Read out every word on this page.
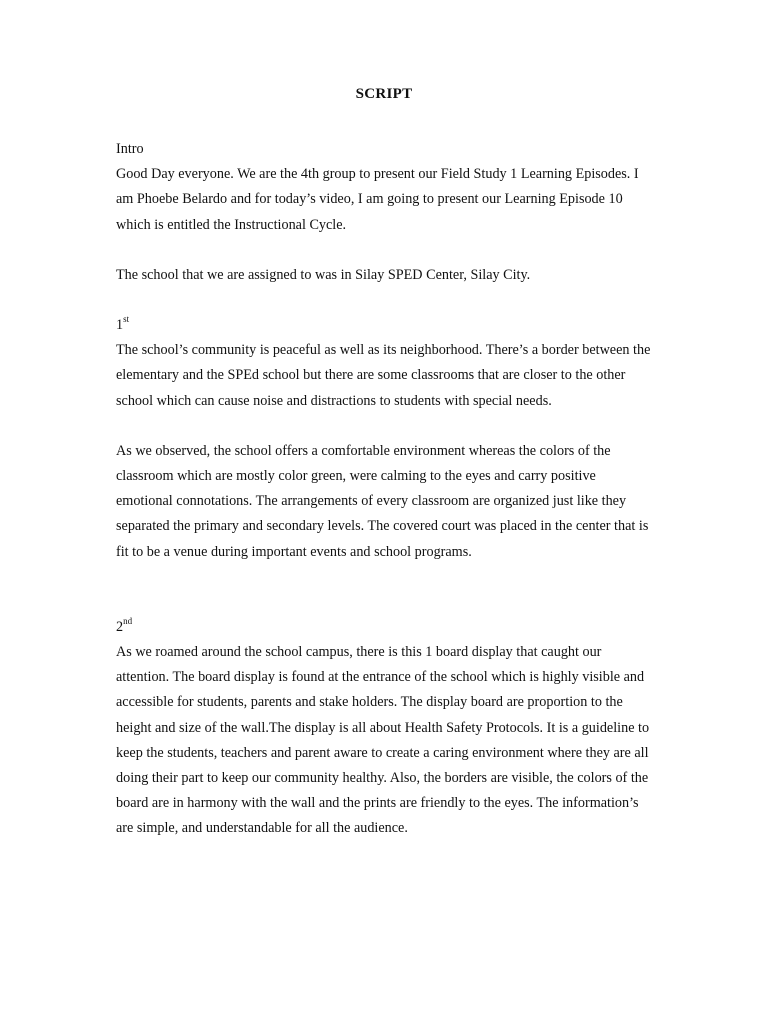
SCRIPT

Intro

Good Day everyone. We are the 4th group to present our Field Study 1 Learning Episodes. I am Phoebe Belardo and for today’s video, I am going to present our Learning Episode 10 which is entitled the Instructional Cycle.

The school that we are assigned to was in Silay SPED Center, Silay City.

1st

The school’s community is peaceful as well as its neighborhood. There’s a border between the elementary and the SPEd school but there are some classrooms that are closer to the other school which can cause noise and distractions to students with special needs.

As we observed, the school offers a comfortable environment whereas the colors of the classroom which are mostly color green, were calming to the eyes and carry positive emotional connotations. The arrangements of every classroom are organized just like they separated the primary and secondary levels. The covered court was placed in the center that is fit to be a venue during important events and school programs.

2nd

As we roamed around the school campus, there is this 1 board display that caught our attention. The board display is found at the entrance of the school which is highly visible and accessible for students, parents and stake holders. The display board are proportion to the height and size of the wall.The display is all about Health Safety Protocols. It is a guideline to keep the students, teachers and parent aware to create a caring environment where they are all doing their part to keep our community healthy. Also, the borders are visible, the colors of the board are in harmony with the wall and the prints are friendly to the eyes. The information’s are simple, and understandable for all the audience.
